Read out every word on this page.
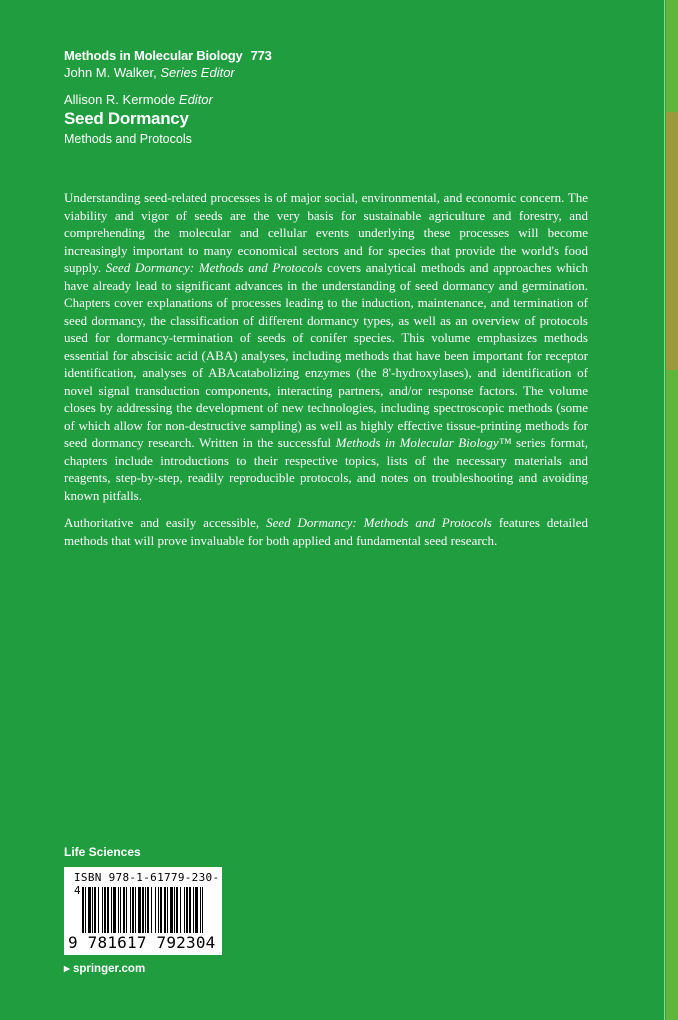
Methods in Molecular Biology 773
John M. Walker, Series Editor
Allison R. Kermode Editor
Seed Dormancy
Methods and Protocols

Understanding seed-related processes is of major social, environmental, and economic concern. The viability and vigor of seeds are the very basis for sustainable agriculture and forestry, and comprehending the molecular and cellular events underlying these processes will become increasingly important to many economical sectors and for species that provide the world's food supply. Seed Dormancy: Methods and Protocols covers analytical methods and approaches which have already lead to significant advances in the understanding of seed dormancy and germination. Chapters cover explanations of processes leading to the induction, maintenance, and termination of seed dormancy, the classification of different dormancy types, as well as an overview of protocols used for dormancy-termination of seeds of conifer species. This volume emphasizes methods essential for abscisic acid (ABA) analyses, including methods that have been important for receptor identification, analyses of ABAcatabolizing enzymes (the 8'-hydroxylases), and identification of novel signal transduction components, interacting partners, and/or response factors. The volume closes by addressing the development of new technologies, including spectroscopic methods (some of which allow for non-destructive sampling) as well as highly effective tissue-printing methods for seed dormancy research. Written in the successful Methods in Molecular Biology™ series format, chapters include introductions to their respective topics, lists of the necessary materials and reagents, step-by-step, readily reproducible protocols, and notes on troubleshooting and avoiding known pitfalls.

Authoritative and easily accessible, Seed Dormancy: Methods and Protocols features detailed methods that will prove invaluable for both applied and fundamental seed research.

Life Sciences
ISBN 978-1-61779-230-4
9 781617 792304
▸ springer.com
